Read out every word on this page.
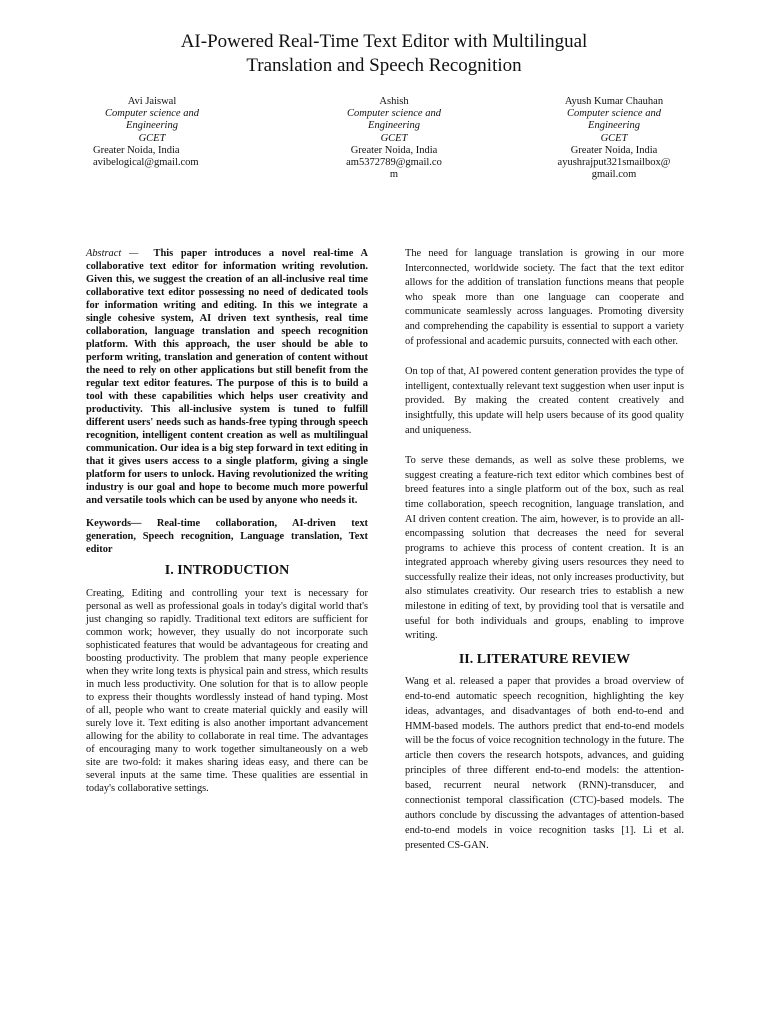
AI-Powered Real-Time Text Editor with Multilingual
Translation and Speech Recognition
Avi Jaiswal
Computer science and
Engineering
GCET
Greater Noida, India
avibelogical@gmail.com
Ashish
Computer science and
Engineering
GCET
Greater Noida, India
am5372789@gmail.co
m
Ayush Kumar Chauhan
Computer science and
Engineering
GCET
Greater Noida, India
ayushrajput321smailbox@
gmail.com

Abstract — This paper introduces a novel real-time A collaborative text editor for information writing revolution. Given this, we suggest the creation of an all-inclusive real time collaborative text editor possessing no need of dedicated tools for information writing and editing. In this we integrate a single cohesive system, AI driven text synthesis, real time collaboration, language translation and speech recognition platform. With this approach, the user should be able to perform writing, translation and generation of content without the need to rely on other applications but still benefit from the regular text editor features. The purpose of this is to build a tool with these capabilities which helps user creativity and productivity. This all-inclusive system is tuned to fulfill different users' needs such as hands-free typing through speech recognition, intelligent content creation as well as multilingual communication. Our idea is a big step forward in text editing in that it gives users access to a single platform, giving a single platform for users to unlock. Having revolutionized the writing industry is our goal and hope to become much more powerful and versatile tools which can be used by anyone who needs it.

Keywords— Real-time collaboration, AI-driven text generation, Speech recognition, Language translation, Text editor

I. INTRODUCTION

Creating, Editing and controlling your text is necessary for personal as well as professional goals in today's digital world that's just changing so rapidly. Traditional text editors are sufficient for common work; however, they usually do not incorporate such sophisticated features that would be advantageous for creating and boosting productivity. The problem that many people experience when they write long texts is physical pain and stress, which results in much less productivity. One solution for that is to allow people to express their thoughts wordlessly instead of hand typing. Most of all, people who want to create material quickly and easily will surely love it. Text editing is also another important advancement allowing for the ability to collaborate in real time. The advantages of encouraging many to work together simultaneously on a web site are two-fold: it makes sharing ideas easy, and there can be several inputs at the same time. These qualities are essential in today's collaborative settings.

The need for language translation is growing in our more Interconnected, worldwide society. The fact that the text editor allows for the addition of translation functions means that people who speak more than one language can cooperate and communicate seamlessly across languages. Promoting diversity and comprehending the capability is essential to support a variety of professional and academic pursuits, connected with each other.

On top of that, AI powered content generation provides the type of intelligent, contextually relevant text suggestion when user input is provided. By making the created content creatively and insightfully, this update will help users because of its good quality and uniqueness.

To serve these demands, as well as solve these problems, we suggest creating a feature-rich text editor which combines best of breed features into a single platform out of the box, such as real time collaboration, speech recognition, language translation, and AI driven content creation. The aim, however, is to provide an all-encompassing solution that decreases the need for several programs to achieve this process of content creation. It is an integrated approach whereby giving users resources they need to successfully realize their ideas, not only increases productivity, but also stimulates creativity. Our research tries to establish a new milestone in editing of text, by providing tool that is versatile and useful for both individuals and groups, enabling to improve writing.

II. LITERATURE REVIEW

Wang et al. released a paper that provides a broad overview of end-to-end automatic speech recognition, highlighting the key ideas, advantages, and disadvantages of both end-to-end and HMM-based models. The authors predict that end-to-end models will be the focus of voice recognition technology in the future. The article then covers the research hotspots, advances, and guiding principles of three different end-to-end models: the attention-based, recurrent neural network (RNN)-transducer, and connectionist temporal classification (CTC)-based models. The authors conclude by discussing the advantages of attention-based end-to-end models in voice recognition tasks [1]. Li et al. presented CS-GAN.
